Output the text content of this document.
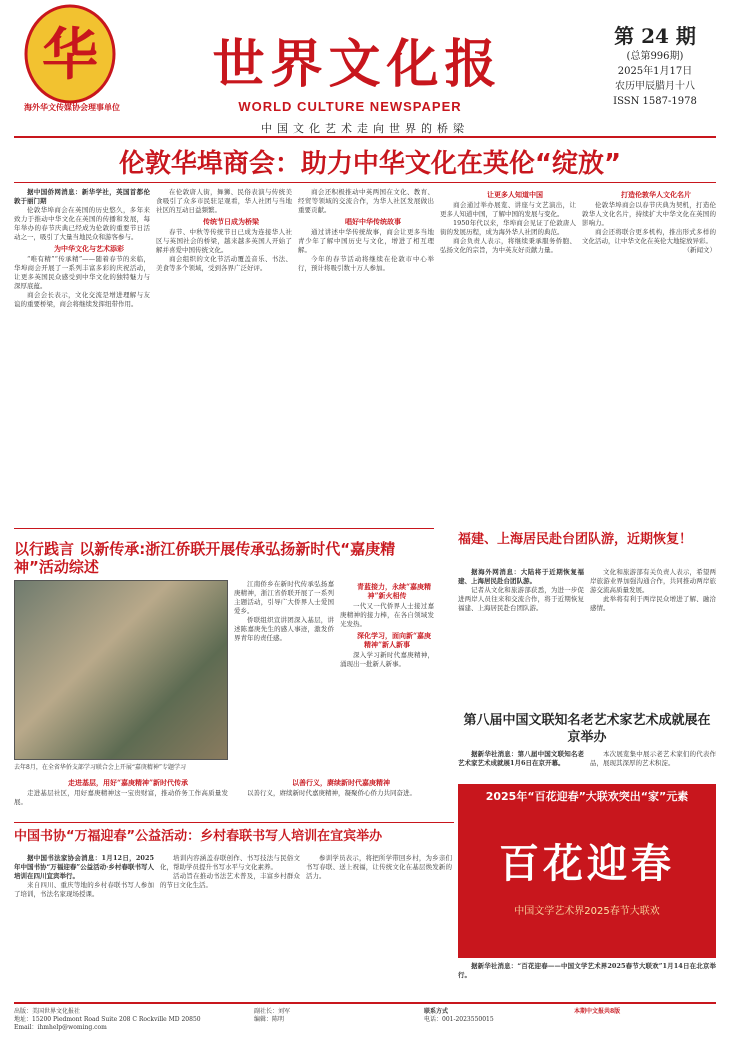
华
海外华文传媒协会理事单位
世界文化报
WORLD CULTURE NEWSPAPER
中国文化艺术走向世界的桥梁
第 24 期
(总第996期)
2025年1月17日
农历甲辰腊月十八
ISSN 1587-1978
伦敦华埠商会：助力中华文化在英伦“绽放”

据中国侨网消息：新华学社，英国首都伦敦于丽门期

伦敦华埠商会在英国的历史悠久，多年来致力于推动中华文化在英国的传播和发展，每年举办的春节庆典已经成为伦敦的重要节日活动之一，吸引了大量当地民众和游客参与。

为中华文化与艺术添彩

“唯有精”“传承精”——随着春节的来临，华埠商会开展了一系列丰富多彩的庆祝活动，让更多英国民众感受到中华文化的独特魅力与深厚底蕴。

商会会长表示，文化交流是增进理解与友谊的重要桥梁，商会将继续发挥纽带作用。

在伦敦唐人街，舞狮、民俗表演与传统美食吸引了众多市民驻足观看，华人社团与当地社区的互动日益频繁。

传统节日成为桥梁

春节、中秋等传统节日已成为连接华人社区与英国社会的桥梁，越来越多英国人开始了解并喜爱中国传统文化。

商会组织的文化节活动覆盖音乐、书法、美食等多个领域，受到各界广泛好评。

商会还积极推动中英两国在文化、教育、经贸等领域的交流合作，为华人社区发展做出重要贡献。

唱好中华传统故事

通过讲述中华传统故事，商会让更多当地青少年了解中国历史与文化，增进了相互理解。

今年的春节活动将继续在伦敦市中心举行，预计将吸引数十万人参加。

让更多人知道中国

商会通过举办展览、讲座与文艺演出，让更多人知道中国，了解中国的发展与变化。

1950年代以来，华埠商会见证了伦敦唐人街的发展历程，成为海外华人社团的典范。

商会负责人表示，将继续秉承服务侨胞、弘扬文化的宗旨，为中英友好贡献力量。

打造伦敦华人文化名片

伦敦华埠商会以春节庆典为契机，打造伦敦华人文化名片，持续扩大中华文化在英国的影响力。

商会还将联合更多机构，推出形式多样的文化活动，让中华文化在英伦大地绽放异彩。

（新闻文）

以行践言 以新传承:浙江侨联开展传承弘扬新时代“嘉庚精神”活动综述
去年8月，在全省华侨支部学习联合会上开展“嘉庚精神”专题学习

江南侨乡在新时代传承弘扬嘉庚精神，浙江省侨联开展了一系列主题活动，引导广大侨界人士爱国爱乡。

侨联组织宣讲团深入基层，讲述陈嘉庚先生的感人事迹，激发侨界青年的责任感。

青蓝接力，永续“嘉庚精神”新火相传

一代又一代侨界人士接过嘉庚精神的接力棒，在各自领域发光发热。

深化学习，面向新“嘉庚精神”新人新事

深入学习新时代嘉庚精神，涌现出一批新人新事。

走进基层，用好“嘉庚精神”新时代传承

走进基层社区，用好嘉庚精神这一宝贵财富，推动侨务工作高质量发展。

以善行义，赓续新时代嘉庚精神

以善行义，赓续新时代嘉庚精神，凝聚侨心侨力共同奋进。

福建、上海居民赴台团队游，近期恢复！

据海外网消息：大陆将于近期恢复福建、上海居民赴台团队游。

记者从文化和旅游部获悉，为进一步促进两岸人员往来和交流合作，将于近期恢复福建、上海居民赴台团队游。

文化和旅游部有关负责人表示，希望两岸旅游业界加强沟通合作，共同推动两岸旅游交流高质量发展。

此举将有利于两岸民众增进了解、融洽感情。

第八届中国文联知名老艺术家艺术成就展在京举办

据新华社消息：第八届中国文联知名老艺术家艺术成就展1月6日在京开幕。

本次展览集中展示老艺术家们的代表作品，展现其深厚的艺术积淀。

2025年“百花迎春”大联欢突出“家”元素
百花迎春
中国文学艺术界2025春节大联欢

据新华社消息：“百花迎春——中国文学艺术界2025春节大联欢”1月14日在北京举行。

中国书协“万福迎春”公益活动：乡村春联书写人培训在宜宾举办

据中国书法家协会消息：1月12日，2025年中国书协“万福迎春”公益活动·乡村春联书写人培训在四川宜宾举行。

来自四川、重庆等地的乡村春联书写人参加了培训，书法名家现场授课。

培训内容涵盖春联创作、书写技法与民俗文化，帮助学员提升书写水平与文化素养。

活动旨在推动书法艺术普及，丰富乡村群众的节日文化生活。

参训学员表示，将把所学带回乡村，为乡亲们书写春联、送上祝福，让传统文化在基层焕发新的活力。

出版：美国世界文化报社
地址：15200 Piedmont Road Suite 208 C Rockville MD 20850
Email：ihmhelp@woming.com
副社长：刘军
编辑：陈明
联系方式
电话：001-2023550015
本期中文报共8版
